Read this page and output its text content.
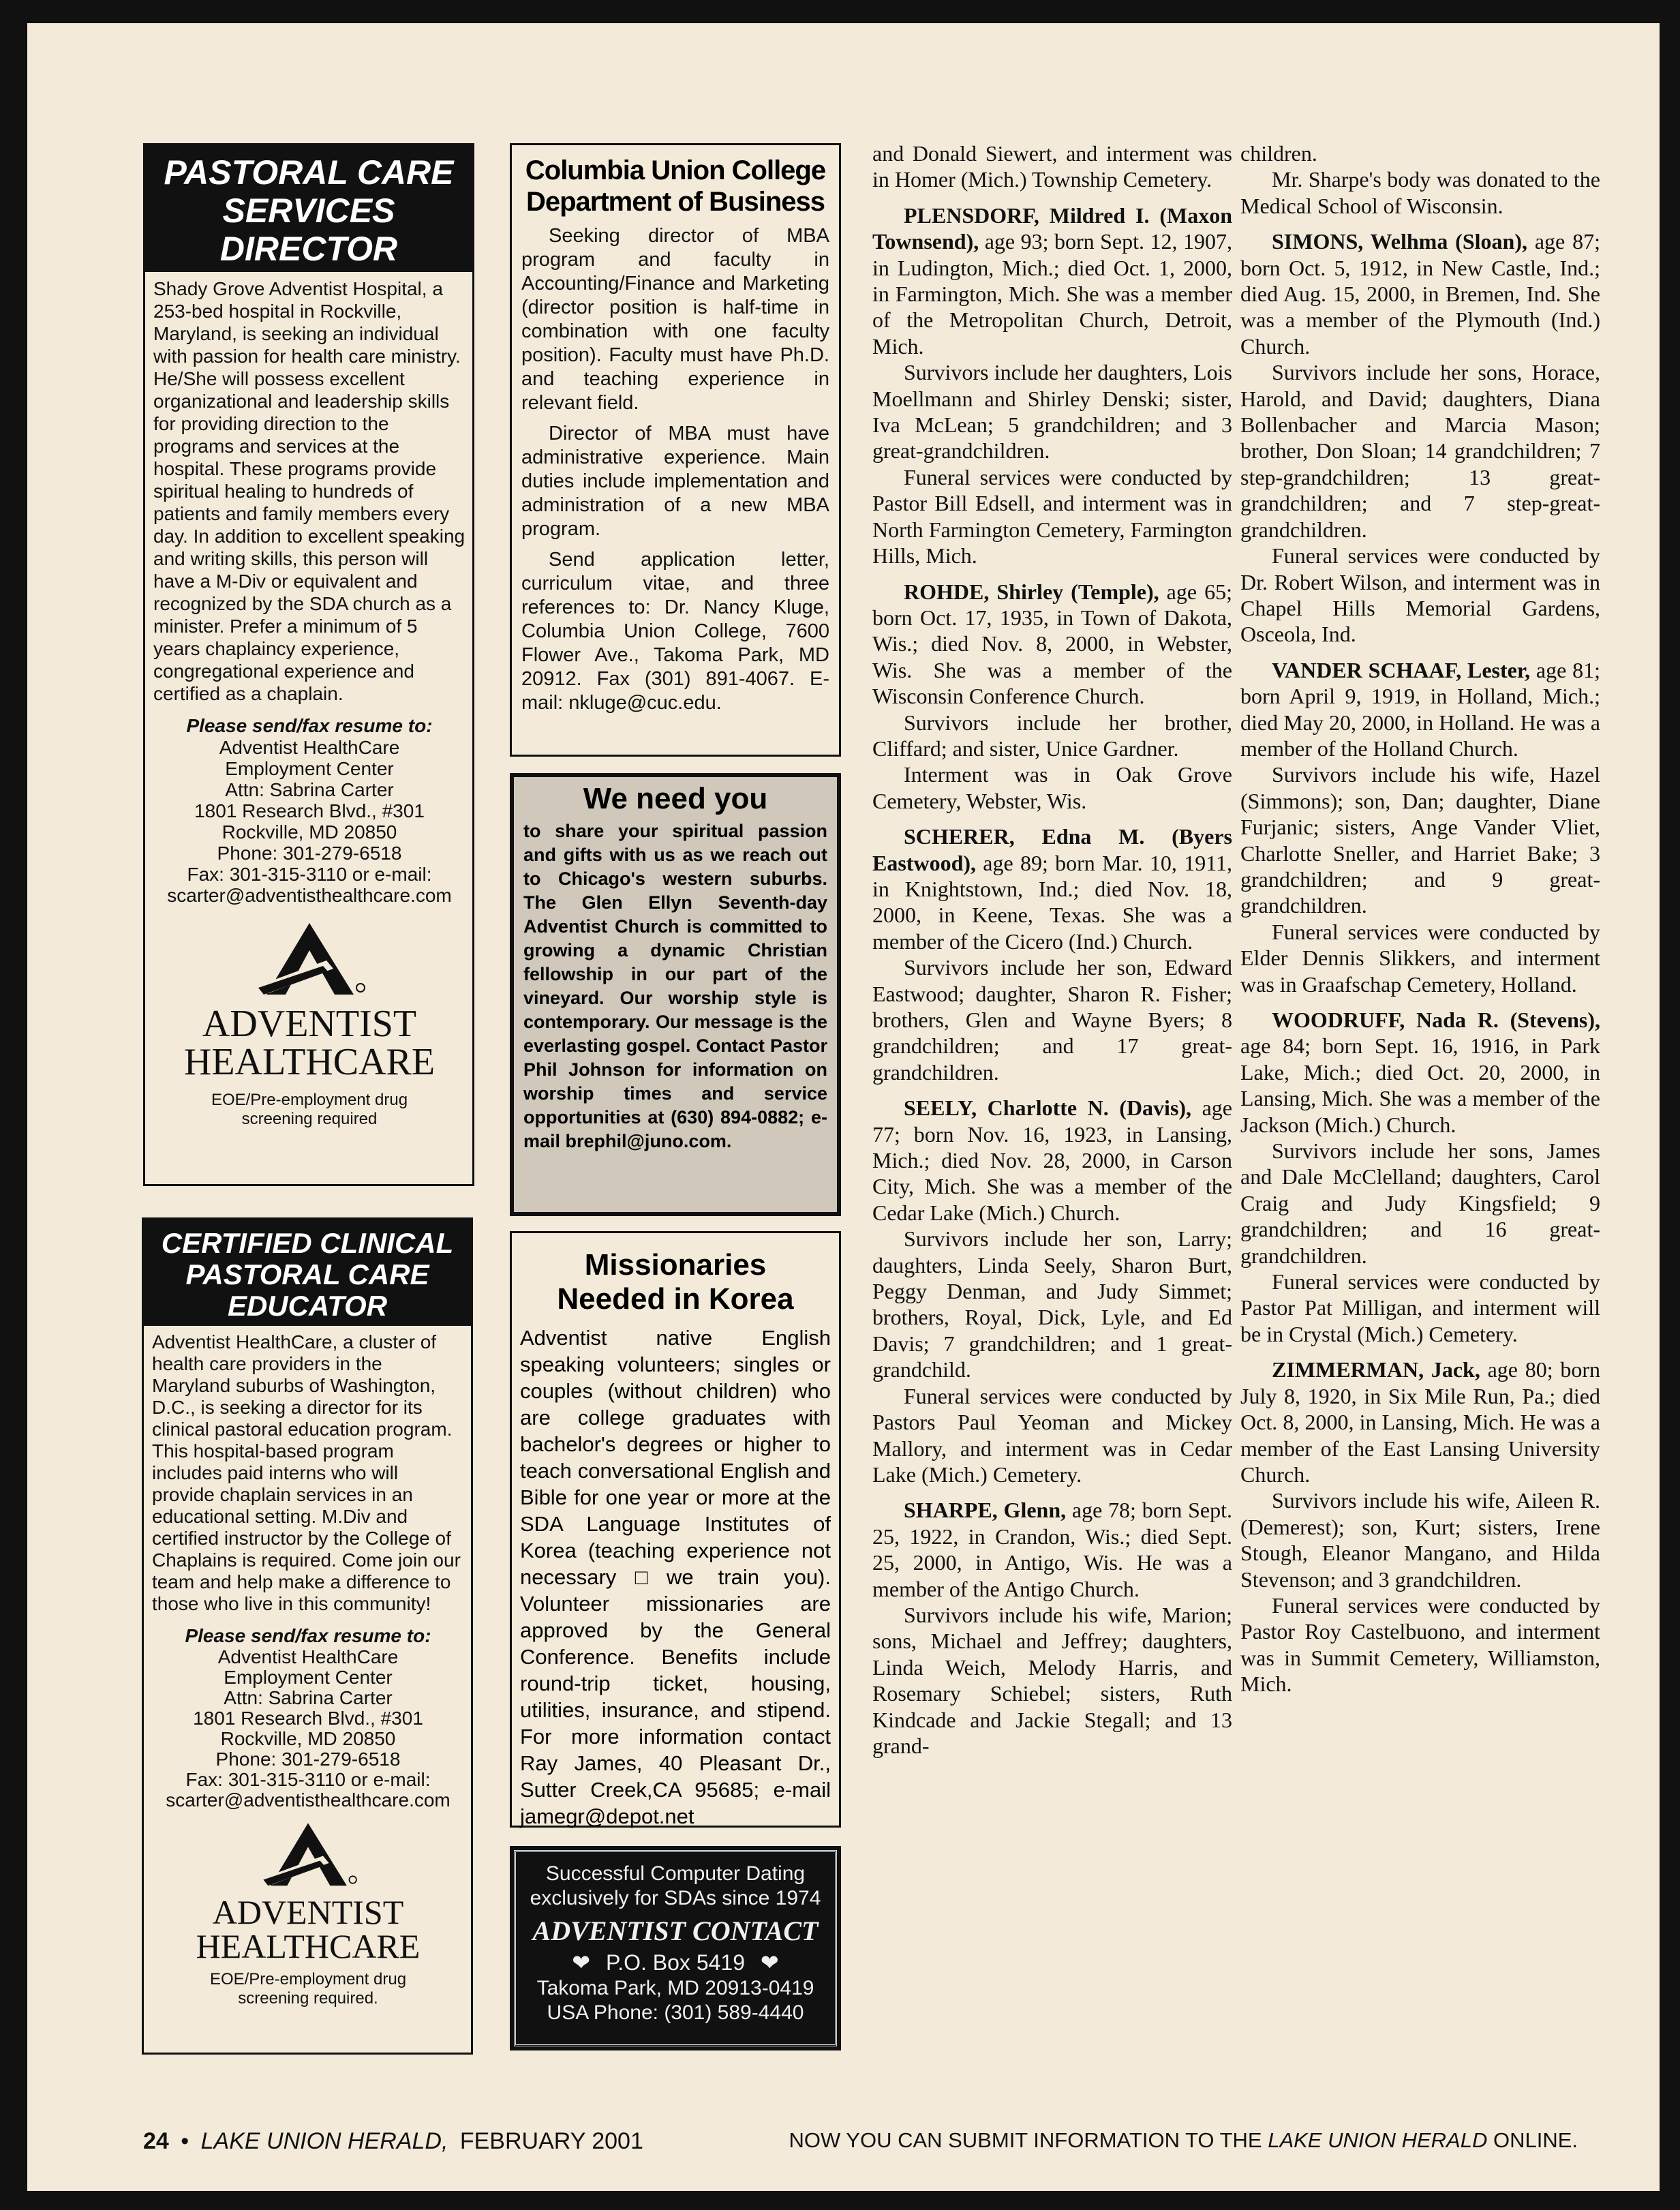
PASTORAL CARE SERVICES DIRECTOR

Shady Grove Adventist Hospital, a 253-bed hospital in Rockville, Maryland, is seeking an individual with passion for health care ministry. He/She will possess excellent organizational and leadership skills for providing direction to the programs and services at the hospital. These programs provide spiritual healing to hundreds of patients and family members every day. In addition to excellent speaking and writing skills, this person will have a M-Div or equivalent and recognized by the SDA church as a minister. Prefer a minimum of 5 years chaplaincy experience, congregational experience and certified as a chaplain.

Please send/fax resume to:

Adventist HealthCare
Employment Center
Attn: Sabrina Carter
1801 Research Blvd., #301
Rockville, MD 20850
Phone: 301-279-6518
Fax: 301-315-3110 or e-mail:
scarter@adventisthealthcare.com
ADVENTIST
HEALTHCARE
EOE/Pre-employment drug screening required
CERTIFIED CLINICAL PASTORAL CARE EDUCATOR

Adventist HealthCare, a cluster of health care providers in the Maryland suburbs of Washington, D.C., is seeking a director for its clinical pastoral education program. This hospital-based program includes paid interns who will provide chaplain services in an educational setting. M.Div and certified instructor by the College of Chaplains is required. Come join our team and help make a difference to those who live in this community!

Please send/fax resume to:

Adventist HealthCare
Employment Center
Attn: Sabrina Carter
1801 Research Blvd., #301
Rockville, MD 20850
Phone: 301-279-6518
Fax: 301-315-3110 or e-mail:
scarter@adventisthealthcare.com
ADVENTIST
HEALTHCARE
EOE/Pre-employment drug screening required.
Columbia Union College Department of Business

Seeking director of MBA program and faculty in Accounting/Finance and Marketing (director position is half-time in combination with one faculty position). Faculty must have Ph.D. and teaching experience in relevant field.

Director of MBA must have administrative experience. Main duties include implementation and administration of a new MBA program.

Send application letter, curriculum vitae, and three references to: Dr. Nancy Kluge, Columbia Union College, 7600 Flower Ave., Takoma Park, MD 20912. Fax (301) 891-4067. E-mail: nkluge@cuc.edu.

We need you

to share your spiritual passion and gifts with us as we reach out to Chicago's western suburbs. The Glen Ellyn Seventh-day Adventist Church is committed to growing a dynamic Christian fellowship in our part of the vineyard. Our worship style is contemporary. Our message is the everlasting gospel. Contact Pastor Phil Johnson for information on worship times and service opportunities at (630) 894-0882; e-mail brephil@juno.com.

Missionaries Needed in Korea

Adventist native English speaking volunteers; singles or couples (without children) who are college graduates with bachelor's degrees or higher to teach conversational English and Bible for one year or more at the SDA Language Institutes of Korea (teaching experience not necessary□we train you). Volunteer missionaries are approved by the General Conference. Benefits include round-trip ticket, housing, utilities, insurance, and stipend. For more information contact Ray James, 40 Pleasant Dr., Sutter Creek,CA 95685; e-mail jamegr@depot.net

Successful Computer Dating
exclusively for SDAs since 1974
ADVENTIST CONTACT
❤ P.O. Box 5419 ❤
Takoma Park, MD 20913-0419
USA Phone: (301) 589-4440

and Donald Siewert, and interment was in Homer (Mich.) Township Cemetery.

PLENSDORF, Mildred I. (Maxon Townsend), age 93; born Sept. 12, 1907, in Ludington, Mich.; died Oct. 1, 2000, in Farmington, Mich. She was a member of the Metropolitan Church, Detroit, Mich.

Survivors include her daughters, Lois Moellmann and Shirley Denski; sister, Iva McLean; 5 grandchildren; and 3 great-grandchildren.

Funeral services were conducted by Pastor Bill Edsell, and interment was in North Farmington Cemetery, Farmington Hills, Mich.

ROHDE, Shirley (Temple), age 65; born Oct. 17, 1935, in Town of Dakota, Wis.; died Nov. 8, 2000, in Webster, Wis. She was a member of the Wisconsin Conference Church.

Survivors include her brother, Cliffard; and sister, Unice Gardner.

Interment was in Oak Grove Cemetery, Webster, Wis.

SCHERER, Edna M. (Byers Eastwood), age 89; born Mar. 10, 1911, in Knightstown, Ind.; died Nov. 18, 2000, in Keene, Texas. She was a member of the Cicero (Ind.) Church.

Survivors include her son, Edward Eastwood; daughter, Sharon R. Fisher; brothers, Glen and Wayne Byers; 8 grandchildren; and 17 great-grandchildren.

SEELY, Charlotte N. (Davis), age 77; born Nov. 16, 1923, in Lansing, Mich.; died Nov. 28, 2000, in Carson City, Mich. She was a member of the Cedar Lake (Mich.) Church.

Survivors include her son, Larry; daughters, Linda Seely, Sharon Burt, Peggy Denman, and Judy Simmet; brothers, Royal, Dick, Lyle, and Ed Davis; 7 grandchildren; and 1 great-grandchild.

Funeral services were conducted by Pastors Paul Yeoman and Mickey Mallory, and interment was in Cedar Lake (Mich.) Cemetery.

SHARPE, Glenn, age 78; born Sept. 25, 1922, in Crandon, Wis.; died Sept. 25, 2000, in Antigo, Wis. He was a member of the Antigo Church.

Survivors include his wife, Marion; sons, Michael and Jeffrey; daughters, Linda Weich, Melody Harris, and Rosemary Schiebel; sisters, Ruth Kindcade and Jackie Stegall; and 13 grand-

children.

Mr. Sharpe's body was donated to the Medical School of Wisconsin.

SIMONS, Welhma (Sloan), age 87; born Oct. 5, 1912, in New Castle, Ind.; died Aug. 15, 2000, in Bremen, Ind. She was a member of the Plymouth (Ind.) Church.

Survivors include her sons, Horace, Harold, and David; daughters, Diana Bollenbacher and Marcia Mason; brother, Don Sloan; 14 grandchildren; 7 step-grandchildren; 13 great-grandchildren; and 7 step-great-grandchildren.

Funeral services were conducted by Dr. Robert Wilson, and interment was in Chapel Hills Memorial Gardens, Osceola, Ind.

VANDER SCHAAF, Lester, age 81; born April 9, 1919, in Holland, Mich.; died May 20, 2000, in Holland. He was a member of the Holland Church.

Survivors include his wife, Hazel (Simmons); son, Dan; daughter, Diane Furjanic; sisters, Ange Vander Vliet, Charlotte Sneller, and Harriet Bake; 3 grandchildren; and 9 great-grandchildren.

Funeral services were conducted by Elder Dennis Slikkers, and interment was in Graafschap Cemetery, Holland.

WOODRUFF, Nada R. (Stevens), age 84; born Sept. 16, 1916, in Park Lake, Mich.; died Oct. 20, 2000, in Lansing, Mich. She was a member of the Jackson (Mich.) Church.

Survivors include her sons, James and Dale McClelland; daughters, Carol Craig and Judy Kingsfield; 9 grandchildren; and 16 great-grandchildren.

Funeral services were conducted by Pastor Pat Milligan, and interment will be in Crystal (Mich.) Cemetery.

ZIMMERMAN, Jack, age 80; born July 8, 1920, in Six Mile Run, Pa.; died Oct. 8, 2000, in Lansing, Mich. He was a member of the East Lansing University Church.

Survivors include his wife, Aileen R. (Demerest); son, Kurt; sisters, Irene Stough, Eleanor Mangano, and Hilda Stevenson; and 3 grandchildren.

Funeral services were conducted by Pastor Roy Castelbuono, and interment was in Summit Cemetery, Williamston, Mich.

24 • LAKE UNION HERALD, FEBRUARY 2001	NOW YOU CAN SUBMIT INFORMATION TO THE LAKE UNION HERALD ONLINE.
